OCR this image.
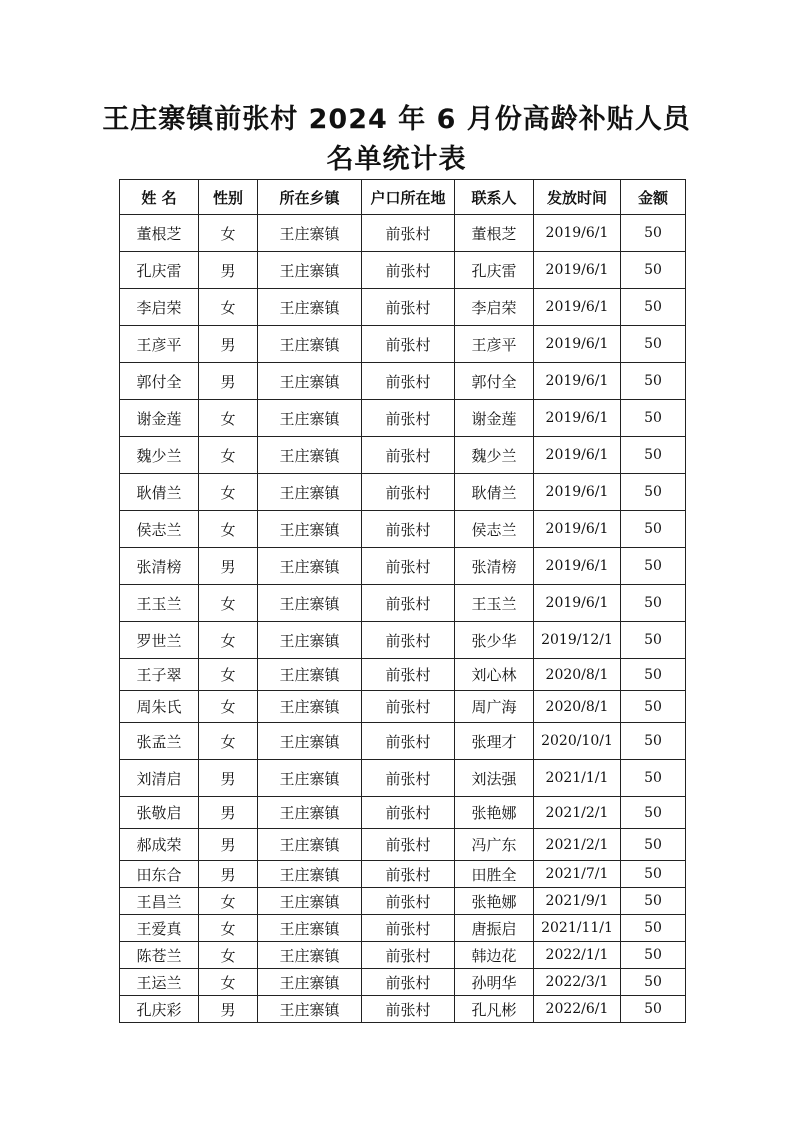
王庄寨镇前张村 2024 年 6 月份高龄补贴人员
名单统计表
姓 名	性别	所在乡镇	户口所在地	联系人	发放时间	金额
董根芝	女	王庄寨镇	前张村	董根芝	2019/6/1	50
孔庆雷	男	王庄寨镇	前张村	孔庆雷	2019/6/1	50
李启荣	女	王庄寨镇	前张村	李启荣	2019/6/1	50
王彦平	男	王庄寨镇	前张村	王彦平	2019/6/1	50
郭付全	男	王庄寨镇	前张村	郭付全	2019/6/1	50
谢金莲	女	王庄寨镇	前张村	谢金莲	2019/6/1	50
魏少兰	女	王庄寨镇	前张村	魏少兰	2019/6/1	50
耿倩兰	女	王庄寨镇	前张村	耿倩兰	2019/6/1	50
侯志兰	女	王庄寨镇	前张村	侯志兰	2019/6/1	50
张清榜	男	王庄寨镇	前张村	张清榜	2019/6/1	50
王玉兰	女	王庄寨镇	前张村	王玉兰	2019/6/1	50
罗世兰	女	王庄寨镇	前张村	张少华	2019/12/1	50
王子翠	女	王庄寨镇	前张村	刘心林	2020/8/1	50
周朱氏	女	王庄寨镇	前张村	周广海	2020/8/1	50
张孟兰	女	王庄寨镇	前张村	张理才	2020/10/1	50
刘清启	男	王庄寨镇	前张村	刘法强	2021/1/1	50
张敬启	男	王庄寨镇	前张村	张艳娜	2021/2/1	50
郝成荣	男	王庄寨镇	前张村	冯广东	2021/2/1	50
田东合	男	王庄寨镇	前张村	田胜全	2021/7/1	50
王昌兰	女	王庄寨镇	前张村	张艳娜	2021/9/1	50
王爱真	女	王庄寨镇	前张村	唐振启	2021/11/1	50
陈苍兰	女	王庄寨镇	前张村	韩边花	2022/1/1	50
王运兰	女	王庄寨镇	前张村	孙明华	2022/3/1	50
孔庆彩	男	王庄寨镇	前张村	孔凡彬	2022/6/1	50
